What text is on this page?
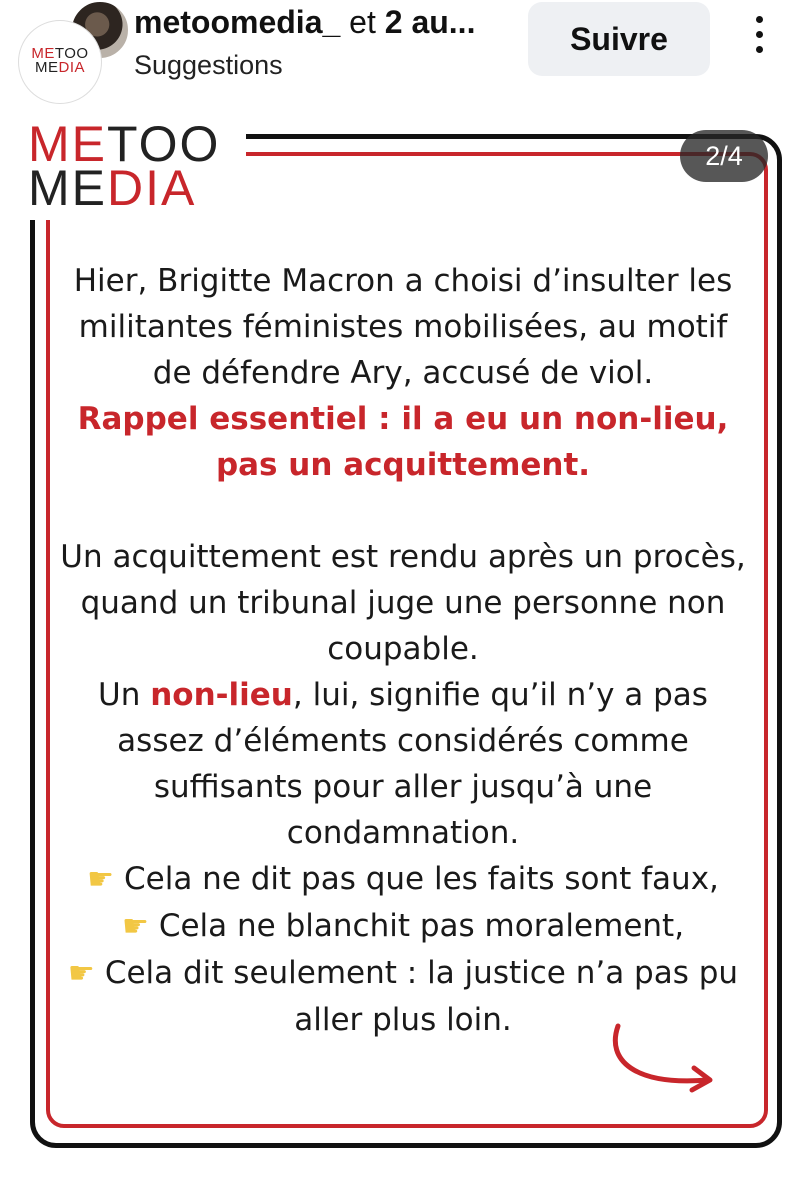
METOO
MEDIA
metoomedia_ et 2 au...
Suggestions
Suivre
METOO
MEDIA
2/4

Hier, Brigitte Macron a choisi d’insulter les militantes féministes mobilisées, au motif de défendre Ary, accusé de viol.

Rappel essentiel : il a eu un non-lieu, pas un acquittement.

Un acquittement est rendu après un procès, quand un tribunal juge une personne non coupable.

Un non-lieu, lui, signifie qu’il n’y a pas assez d’éléments considérés comme suffisants pour aller jusqu’à une condamnation.

☛ Cela ne dit pas que les faits sont faux,

☛ Cela ne blanchit pas moralement,

☛ Cela dit seulement : la justice n’a pas pu aller plus loin.
